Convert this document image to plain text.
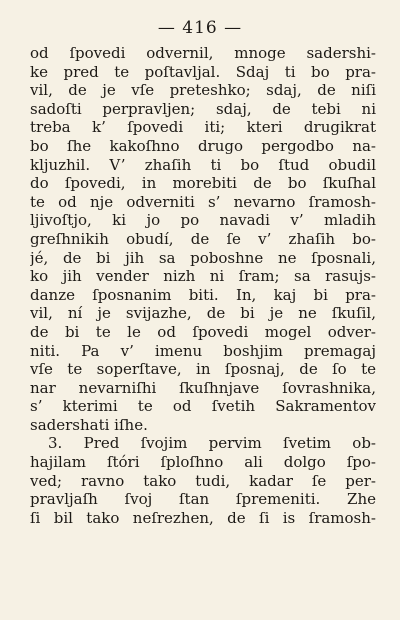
— 416 —
od ſpovedi odvernil, mnoge sadershi-
ke pred te poſtavljal. Sdaj ti bo pra-
vil, de je vſe preteshko; sdaj, de niſi
sadoſti perpravljen; sdaj, de tebi ni
treba k’ ſpovedi iti; kteri drugikrat
bo ſhe kakoſhno drugo pergodbo na-
kljuzhil. V’ zhaſih ti bo ſtud obudil
do ſpovedi, in morebiti de bo ſkuſhal
te od nje odverniti s’ nevarno ſramosh-
ljivoſtjo, ki jo po navadi v’ mladih
greſhnikih obudí, de ſe v’ zhaſih bo-
jé, de bi jih sa poboshne ne ſposnali,
ko jih vender nizh ni ſram; sa rasujs-
danze ſposnanim biti. In, kaj bi pra-
vil, ní je svijazhe, de bi je ne ſkuſil,
de bi te le od ſpovedi mogel odver-
niti. Pa v’ imenu boshjim premagaj
vſe te soperſtave, in ſposnaj, de ſo te
nar nevarniſhi ſkuſhnjave ſovrashnika,
s’ kterimi te od ſvetih Sakramentov
sadershati iſhe.
3. Pred ſvojim pervim ſvetim ob-
hajilam ſtóri ſploſhno ali dolgo ſpo-
ved; ravno tako tudi, kadar ſe per-
pravljaſh ſvoj ſtan ſpremeniti. Zhe
ſi bil tako neſrezhen, de ſi is ſramosh-
